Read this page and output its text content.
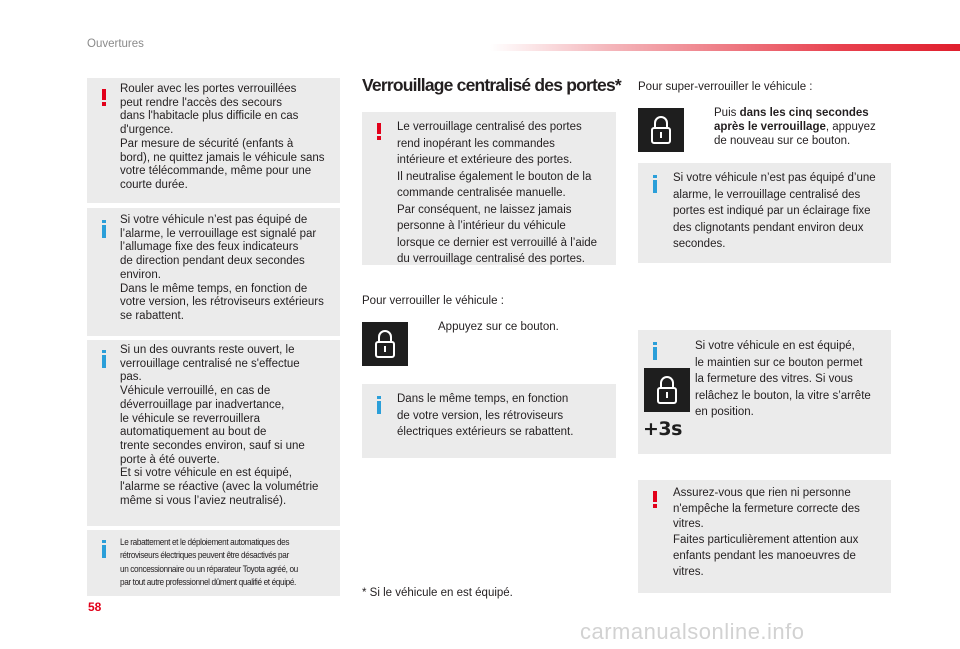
Ouvertures
Rouler avec les portes verrouillées
peut rendre l'accès des secours
dans l'habitacle plus difficile en cas
d'urgence.
Par mesure de sécurité (enfants à
bord), ne quittez jamais le véhicule sans
votre télécommande, même pour une
courte durée.
Si votre véhicule n’est pas équipé de
l’alarme, le verrouillage est signalé par
l’allumage fixe des feux indicateurs
de direction pendant deux secondes
environ.
Dans le même temps, en fonction de
votre version, les rétroviseurs extérieurs
se rabattent.
Si un des ouvrants reste ouvert, le
verrouillage centralisé ne s'effectue
pas.
Véhicule verrouillé, en cas de
déverrouillage par inadvertance,
le véhicule se reverrouillera
automatiquement au bout de
trente secondes environ, sauf si une
porte à été ouverte.
Et si votre véhicule en est équipé,
l'alarme se réactive (avec la volumétrie
même si vous l’aviez neutralisé).
Le rabattement et le déploiement automatiques des
rétroviseurs électriques peuvent être désactivés par
un concessionnaire ou un réparateur Toyota agréé, ou
par tout autre professionnel dûment qualifié et équipé.
Verrouillage centralisé des portes*
Le verrouillage centralisé des portes
rend inopérant les commandes
intérieure et extérieure des portes.
Il neutralise également le bouton de la
commande centralisée manuelle.
Par conséquent, ne laissez jamais
personne à l’intérieur du véhicule
lorsque ce dernier est verrouillé à l’aide
du verrouillage centralisé des portes.
Pour verrouiller le véhicule :
Appuyez sur ce bouton.
Dans le même temps, en fonction
de votre version, les rétroviseurs
électriques extérieurs se rabattent.
* Si le véhicule en est équipé.
Pour super-verrouiller le véhicule :
Puis dans les cinq secondes
après le verrouillage, appuyez
de nouveau sur ce bouton.
Si votre véhicule n’est pas équipé d’une
alarme, le verrouillage centralisé des
portes est indiqué par un éclairage fixe
des clignotants pendant environ deux
secondes.
+3s
Si votre véhicule en est équipé,
le maintien sur ce bouton permet
la fermeture des vitres. Si vous
relâchez le bouton, la vitre s’arrête
en position.
Assurez-vous que rien ni personne
n'empêche la fermeture correcte des
vitres.
Faites particulièrement attention aux
enfants pendant les manoeuvres de
vitres.
58
carmanualsonline.info
